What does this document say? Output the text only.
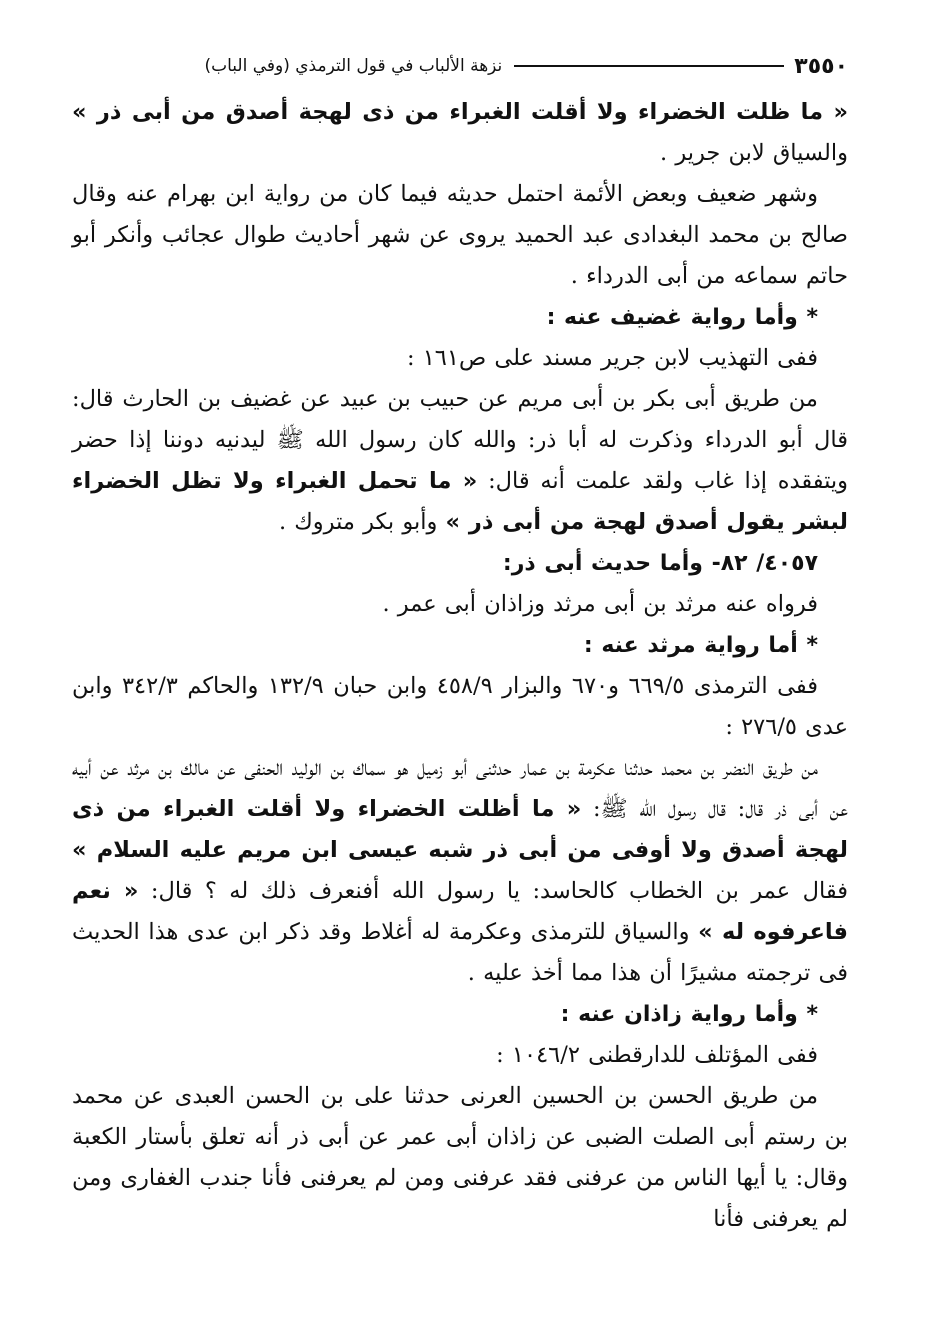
٣٥٥٠
نزهة الألباب في قول الترمذي (وفي الباب)

« ما ظلت الخضراء ولا أقلت الغبراء من ذى لهجة أصدق من أبى ذر » والسياق لابن جرير .

وشهر ضعيف وبعض الأئمة احتمل حديثه فيما كان من رواية ابن بهرام عنه وقال صالح بن محمد البغدادى عبد الحميد يروى عن شهر أحاديث طوال عجائب وأنكر أبو حاتم سماعه من أبى الدرداء .

* وأما رواية غضيف عنه :

ففى التهذيب لابن جرير مسند على ص١٦١ :

من طريق أبى بكر بن أبى مريم عن حبيب بن عبيد عن غضيف بن الحارث قال: قال أبو الدرداء وذكرت له أبا ذر: والله كان رسول الله ﷺ ليدنيه دوننا إذا حضر ويتفقده إذا غاب ولقد علمت أنه قال: « ما تحمل الغبراء ولا تظل الخضراء لبشر يقول أصدق لهجة من أبى ذر » وأبو بكر متروك .

٤٠٥٧/ ٨٢- وأما حديث أبى ذر:

فرواه عنه مرثد بن أبى مرثد وزاذان أبى عمر .

* أما رواية مرثد عنه :

ففى الترمذى ٦٦٩/٥ و٦٧٠ والبزار ٤٥٨/٩ وابن حبان ١٣٢/٩ والحاكم ٣٤٢/٣ وابن عدى ٢٧٦/٥ :

من طريق النضر بن محمد حدثنا عكرمة بن عمار حدثنى أبو زميل هو سماك بن الوليد الحنفى عن مالك بن مرثد عن أبيه عن أبى ذر قال: قال رسول الله ﷺ: « ما أظلت الخضراء ولا أقلت الغبراء من ذى لهجة أصدق ولا أوفى من أبى ذر شبه عيسى ابن مريم عليه السلام » فقال عمر بن الخطاب كالحاسد: يا رسول الله أفنعرف ذلك له ؟ قال: « نعم فاعرفوه له » والسياق للترمذى وعكرمة له أغلاط وقد ذكر ابن عدى هذا الحديث فى ترجمته مشيرًا أن هذا مما أخذ عليه .

* وأما رواية زاذان عنه :

ففى المؤتلف للدارقطنى ١٠٤٦/٢ :

من طريق الحسن بن الحسين العرنى حدثنا على بن الحسن العبدى عن محمد بن رستم أبى الصلت الضبى عن زاذان أبى عمر عن أبى ذر أنه تعلق بأستار الكعبة وقال: يا أيها الناس من عرفنى فقد عرفنى ومن لم يعرفنى فأنا جندب الغفارى ومن لم يعرفنى فأنا
